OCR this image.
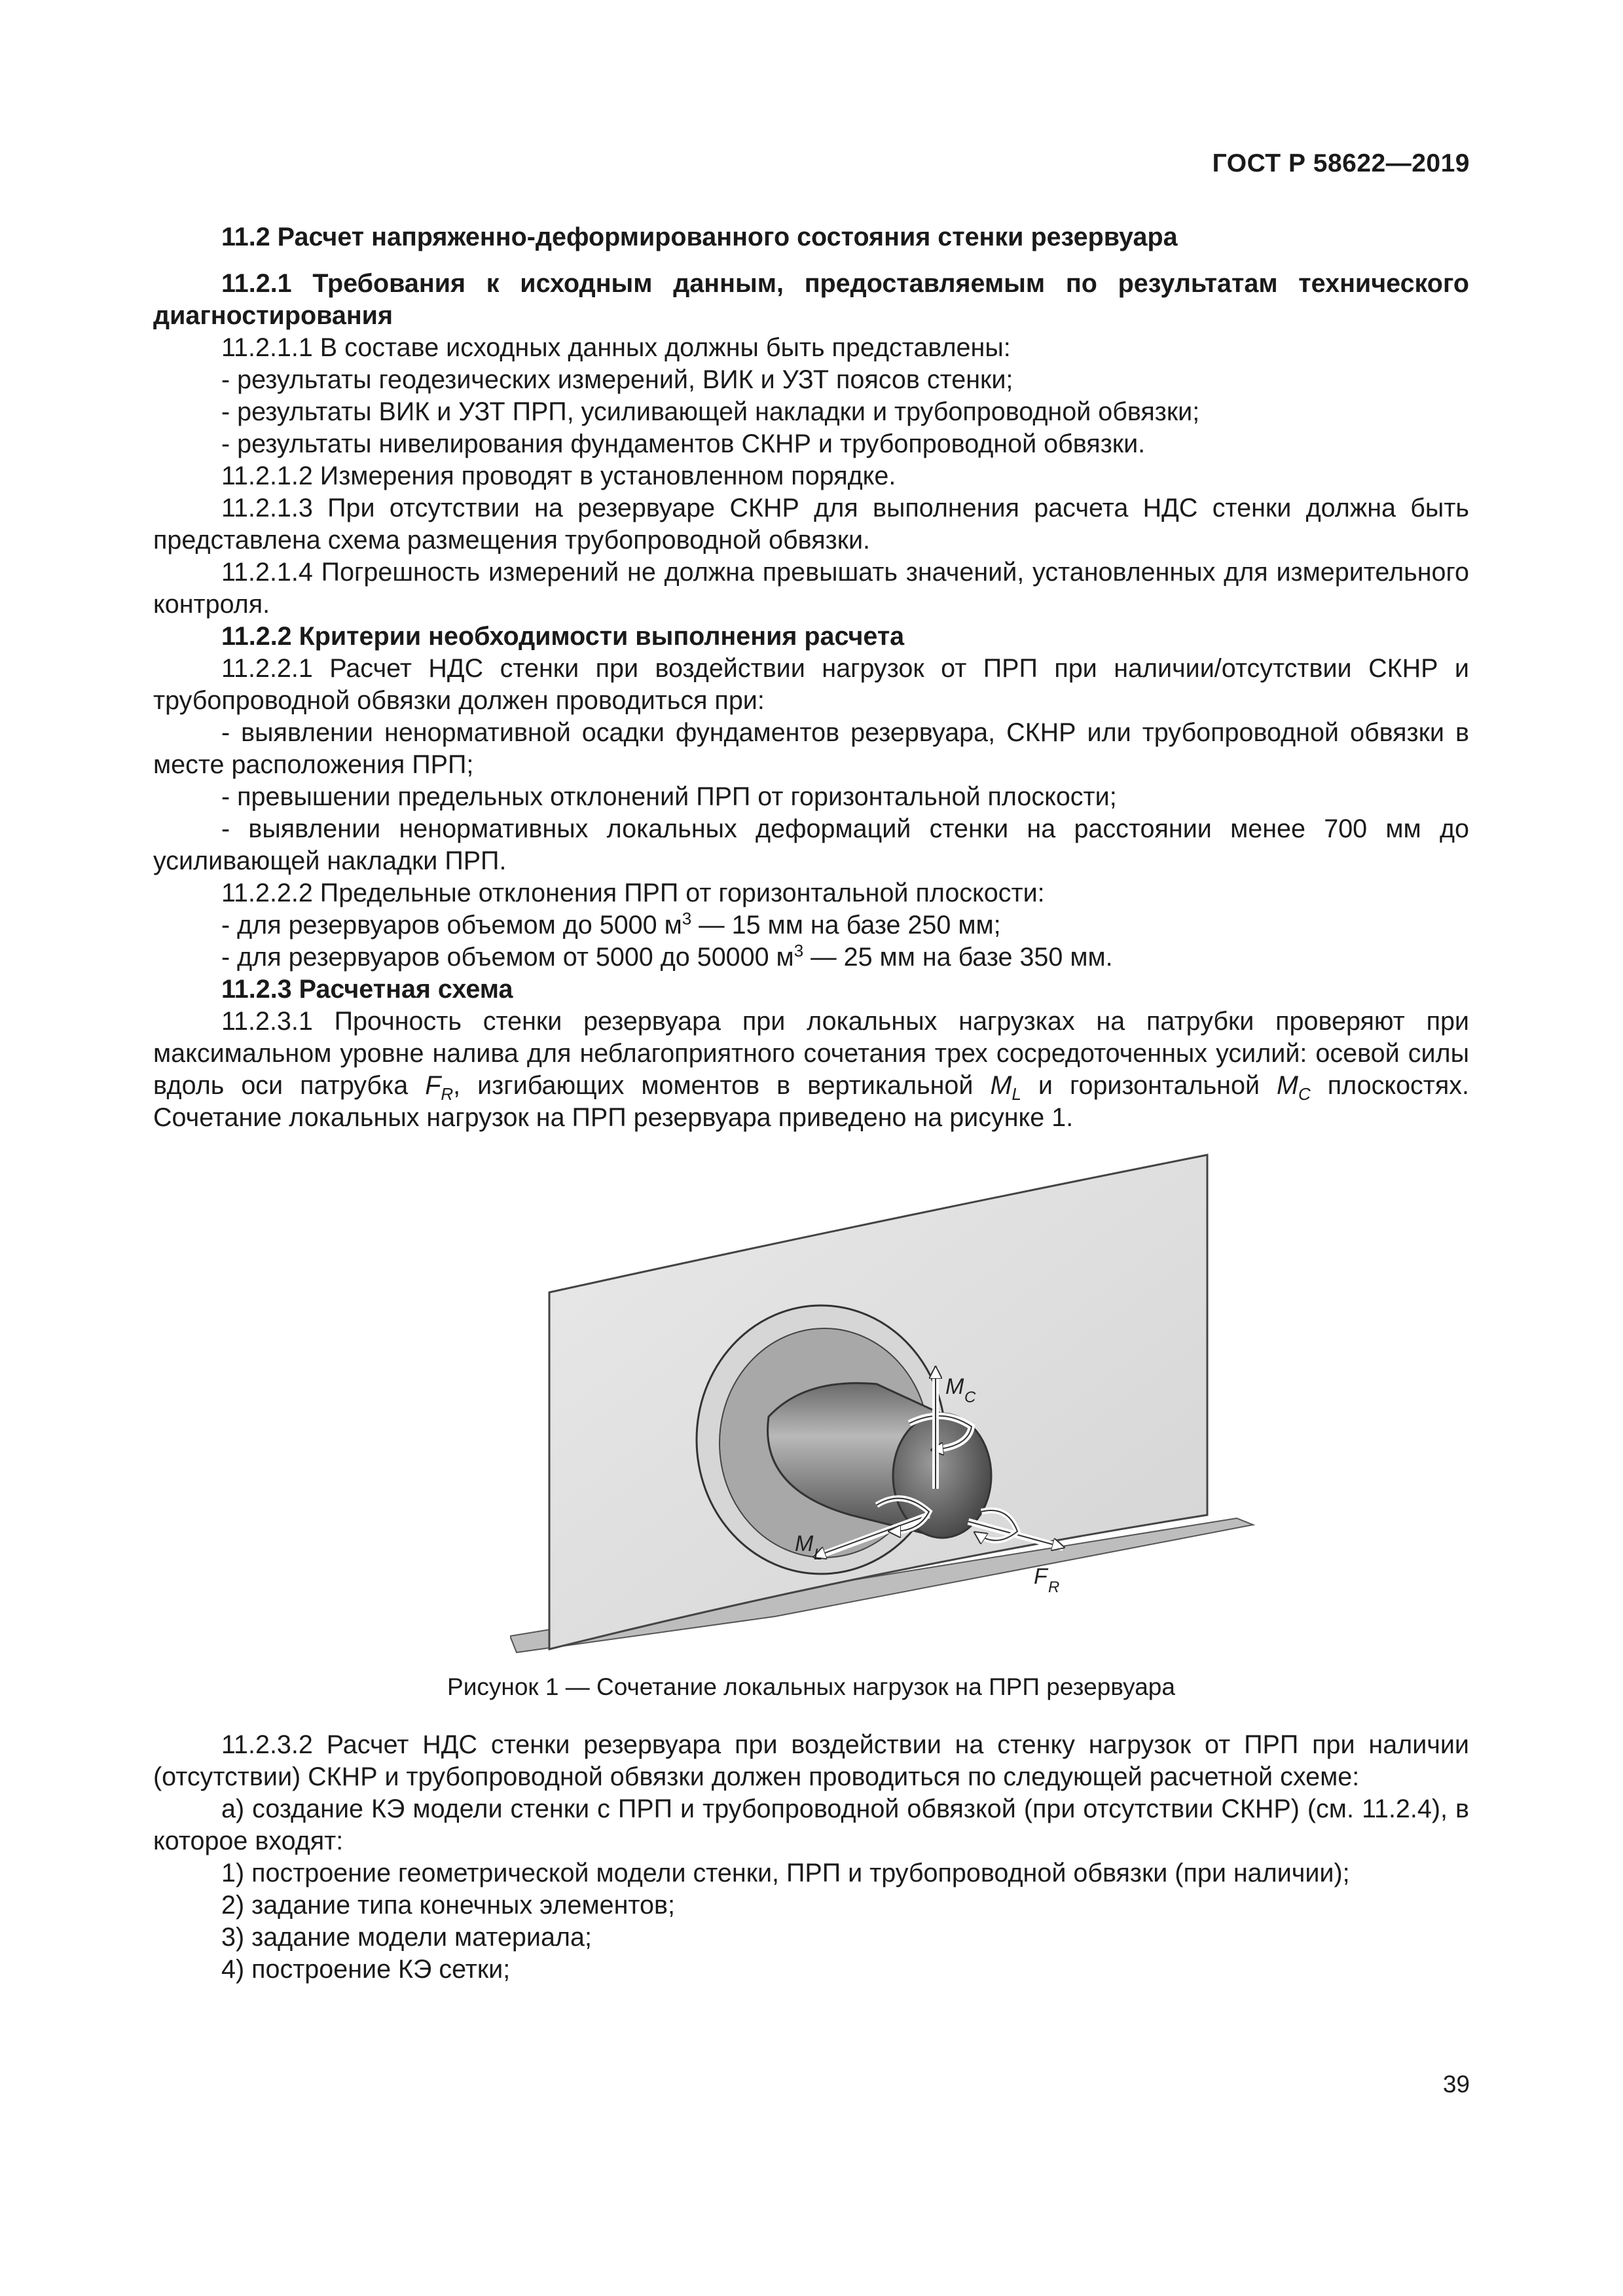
ГОСТ Р 58622—2019

11.2 Расчет напряженно-деформированного состояния стенки резервуара

11.2.1 Требования к исходным данным, предоставляемым по результатам технического диагностирования

11.2.1.1 В составе исходных данных должны быть представлены:

- результаты геодезических измерений, ВИК и УЗТ поясов стенки;

- результаты ВИК и УЗТ ПРП, усиливающей накладки и трубопроводной обвязки;

- результаты нивелирования фундаментов СКНР и трубопроводной обвязки.

11.2.1.2 Измерения проводят в установленном порядке.

11.2.1.3 При отсутствии на резервуаре СКНР для выполнения расчета НДС стенки должна быть представлена схема размещения трубопроводной обвязки.

11.2.1.4 Погрешность измерений не должна превышать значений, установленных для измерительного контроля.

11.2.2 Критерии необходимости выполнения расчета

11.2.2.1 Расчет НДС стенки при воздействии нагрузок от ПРП при наличии/отсутствии СКНР и трубопроводной обвязки должен проводиться при:

- выявлении ненормативной осадки фундаментов резервуара, СКНР или трубопроводной обвязки в месте расположения ПРП;

- превышении предельных отклонений ПРП от горизонтальной плоскости;

- выявлении ненормативных локальных деформаций стенки на расстоянии менее 700 мм до усиливающей накладки ПРП.

11.2.2.2 Предельные отклонения ПРП от горизонтальной плоскости:

- для резервуаров объемом до 5000 $м^3$ — 15 мм на базе 250 мм;

- для резервуаров объемом от 5000 до 50000 $м^3$ — 25 мм на базе 350 мм.

11.2.3 Расчетная схема

11.2.3.1 Прочность стенки резервуара при локальных нагрузках на патрубки проверяют при максимальном уровне налива для неблагоприятного сочетания трех сосредоточенных усилий: осевой силы вдоль оси патрубка $F_R$, изгибающих моментов в вертикальной $M_L$ и горизонтальной $M_C$ плоскостях. Сочетание локальных нагрузок на ПРП резервуара приведено на рисунке 1.

M C
M L
F R
Рисунок 1 — Сочетание локальных нагрузок на ПРП резервуара

11.2.3.2 Расчет НДС стенки резервуара при воздействии на стенку нагрузок от ПРП при наличии (отсутствии) СКНР и трубопроводной обвязки должен проводиться по следующей расчетной схеме:

а) создание КЭ модели стенки с ПРП и трубопроводной обвязкой (при отсутствии СКНР) (см. 11.2.4), в которое входят:

1) построение геометрической модели стенки, ПРП и трубопроводной обвязки (при наличии);

2) задание типа конечных элементов;

3) задание модели материала;

4) построение КЭ сетки;

39
